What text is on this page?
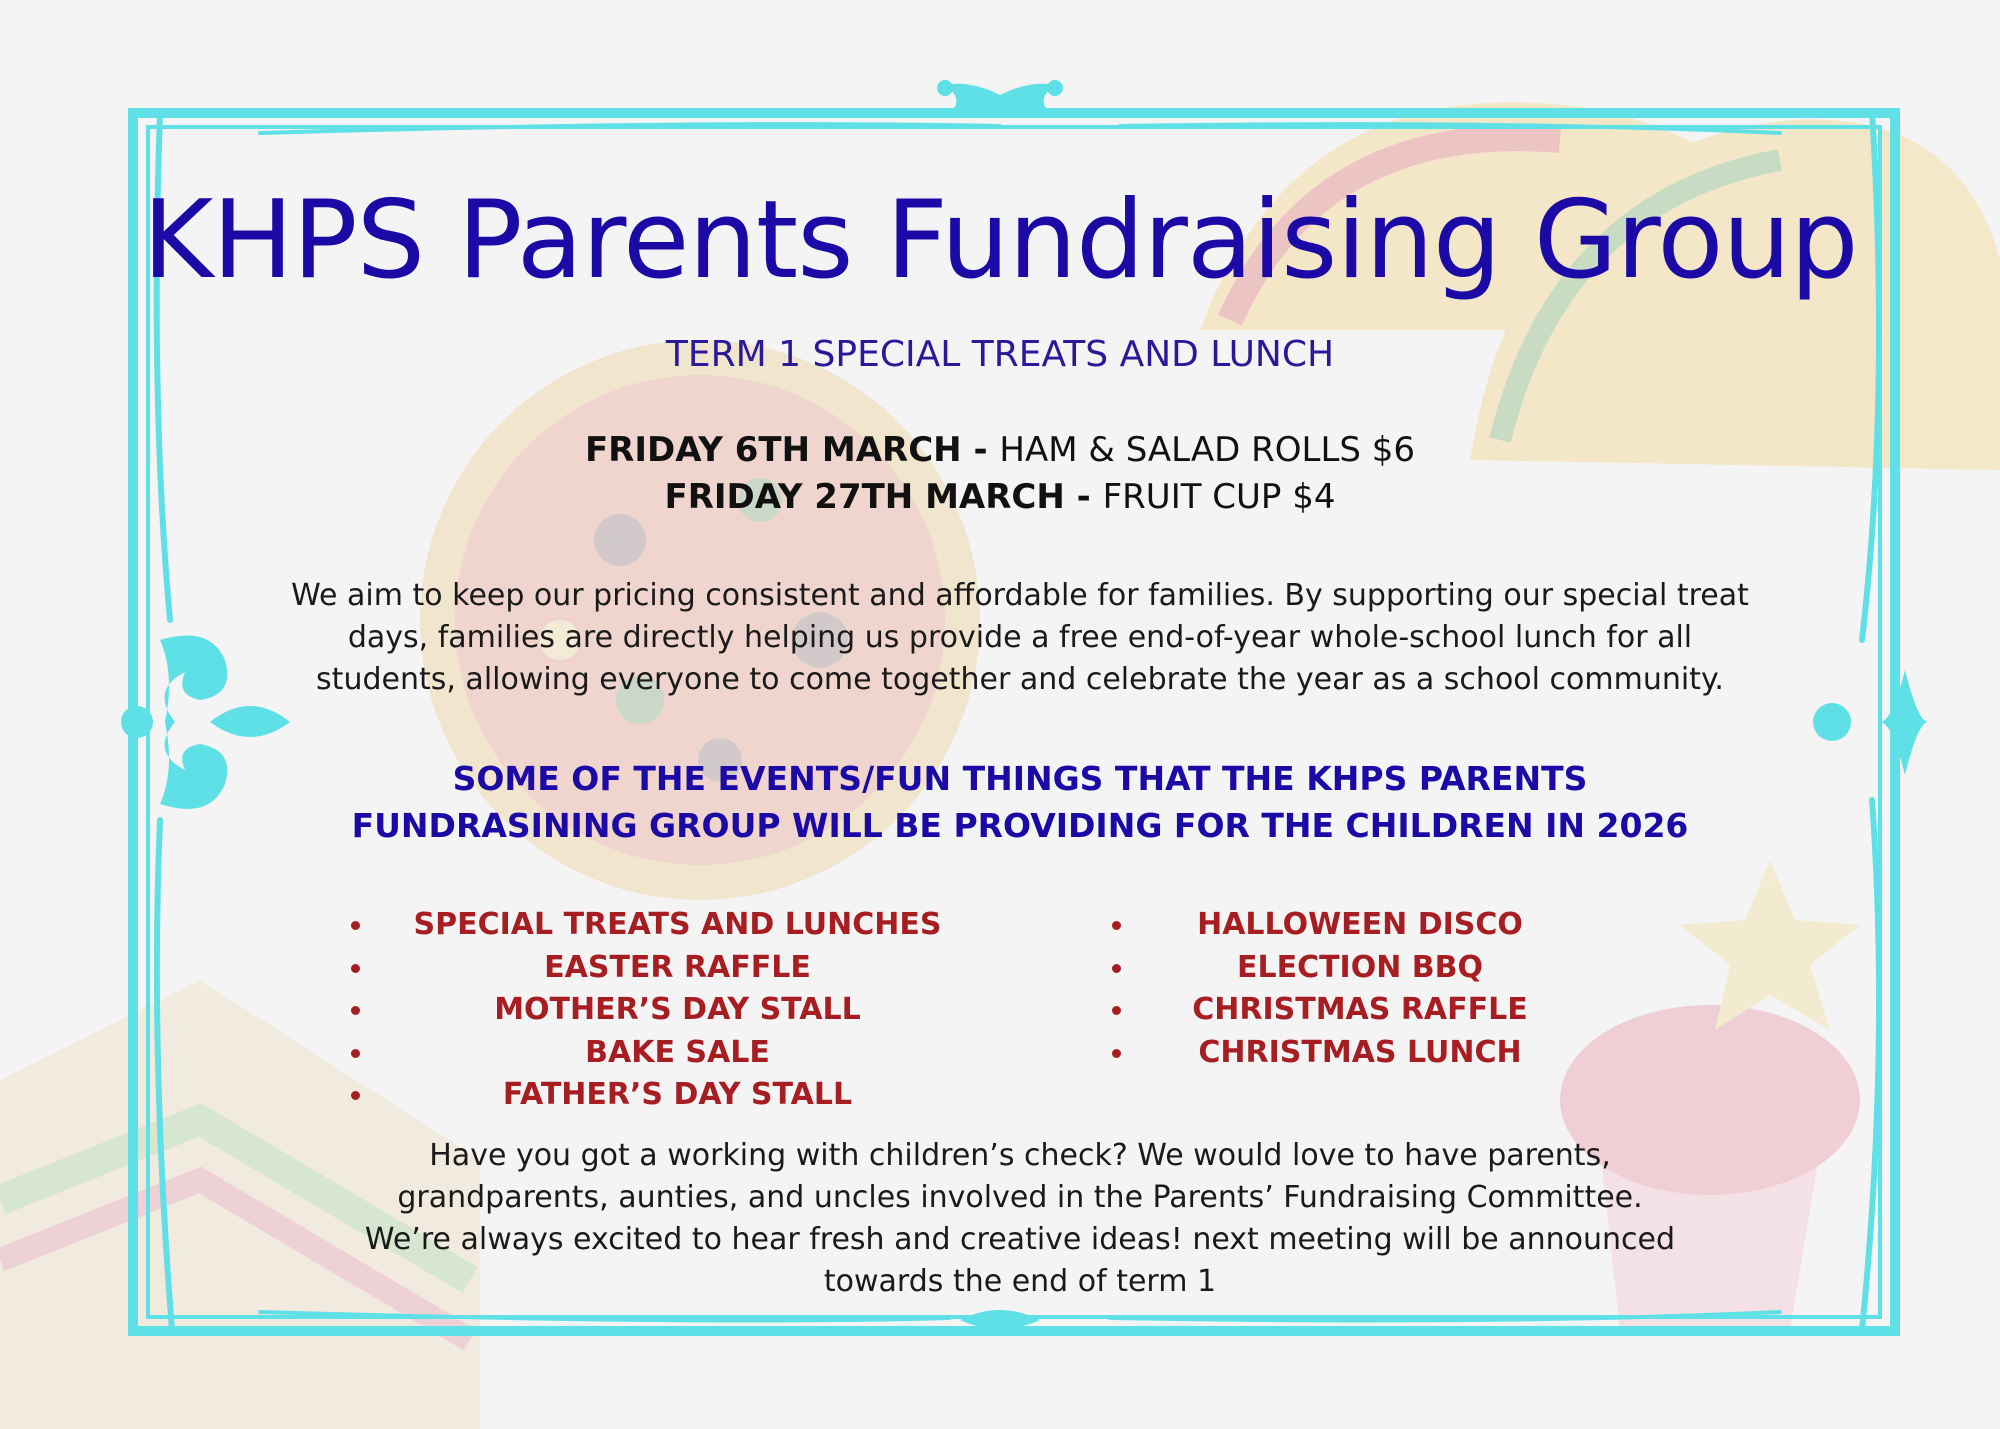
KHPS Parents Fundraising Group
TERM 1 SPECIAL TREATS AND LUNCH
FRIDAY 6TH MARCH - HAM & SALAD ROLLS $6
FRIDAY 27TH MARCH - FRUIT CUP $4

We aim to keep our pricing consistent and affordable for families. By supporting our special treat days, families are directly helping us provide a free end-of-year whole-school lunch for all students, allowing everyone to come together and celebrate the year as a school community.

SOME OF THE EVENTS/FUN THINGS THAT THE KHPS PARENTS
FUNDRASINING GROUP WILL BE PROVIDING FOR THE CHILDREN IN 2026
SPECIAL TREATS AND LUNCHES
EASTER RAFFLE
MOTHER’S DAY STALL
BAKE SALE
FATHER’S DAY STALL
HALLOWEEN DISCO
ELECTION BBQ
CHRISTMAS RAFFLE
CHRISTMAS LUNCH

Have you got a working with children’s check? We would love to have parents, grandparents, aunties, and uncles involved in the Parents’ Fundraising Committee. We’re always excited to hear fresh and creative ideas! next meeting will be announced towards the end of term 1
